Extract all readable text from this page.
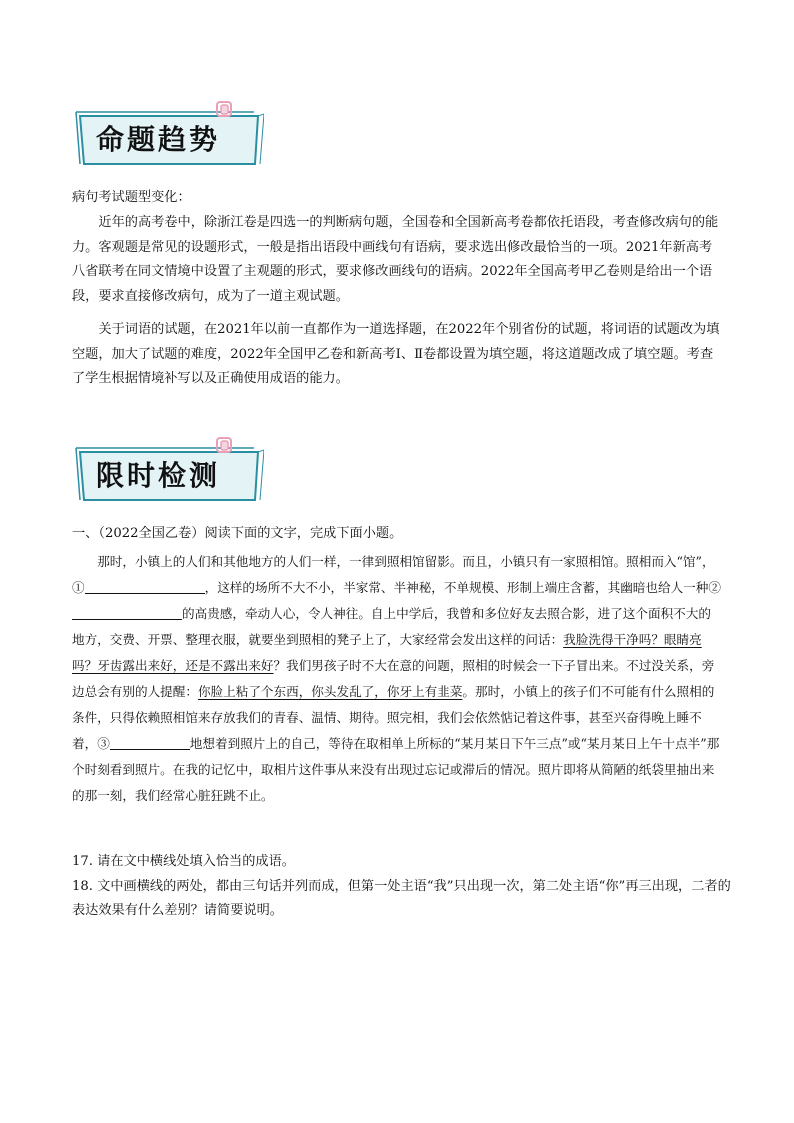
命题趋势
病句考试题型变化：
近年的高考卷中，除浙江卷是四选一的判断病句题，全国卷和全国新高考卷都依托语段，考查修改病句的能力。客观题是常见的设题形式，一般是指出语段中画线句有语病，要求选出修改最恰当的一项。2021年新高考八省联考在同文情境中设置了主观题的形式，要求修改画线句的语病。2022年全国高考甲乙卷则是给出一个语段，要求直接修改病句，成为了一道主观试题。
关于词语的试题，在2021年以前一直都作为一道选择题，在2022年个别省份的试题，将词语的试题改为填空题，加大了试题的难度，2022年全国甲乙卷和新高考Ⅰ、Ⅱ卷都设置为填空题，将这道题改成了填空题。考查了学生根据情境补写以及正确使用成语的能力。
限时检测
一、（2022全国乙卷）阅读下面的文字，完成下面小题。
那时，小镇上的人们和其他地方的人们一样，一律到照相馆留影。而且，小镇只有一家照相馆。照相而入“馆”，①	，这样的场所不大不小，半家常、半神秘，不单规模、形制上端庄含蓄，其幽暗也给人一种②的高贵感，牵动人心，令人神往。自上中学后，我曾和多位好友去照合影，进了这个面积不大的地方，交费、开票、整理衣服，就要坐到照相的凳子上了，大家经常会发出这样的问话：我脸洗得干净吗？眼睛亮吗？牙齿露出来好，还是不露出来好？我们男孩子时不大在意的问题，照相的时候会一下子冒出来。不过没关系，旁边总会有别的人提醒：你脸上粘了个东西，你头发乱了，你牙上有韭菜。那时，小镇上的孩子们不可能有什么照相的条件，只得依赖照相馆来存放我们的青春、温情、期待。照完相，我们会依然惦记着这件事，甚至兴奋得晚上睡不着，③	地想着到照片上的自己，等待在取相单上所标的“某月某日下午三点”或“某月某日上午十点半”那个时刻看到照片。在我的记忆中，取相片这件事从来没有出现过忘记或滞后的情况。照片即将从简陋的纸袋里抽出来的那一刻，我们经常心脏狂跳不止。
17. 请在文中横线处填入恰当的成语。
18. 文中画横线的两处，都由三句话并列而成，但第一处主语“我”只出现一次，第二处主语“你”再三出现，二者的表达效果有什么差别？请简要说明。
